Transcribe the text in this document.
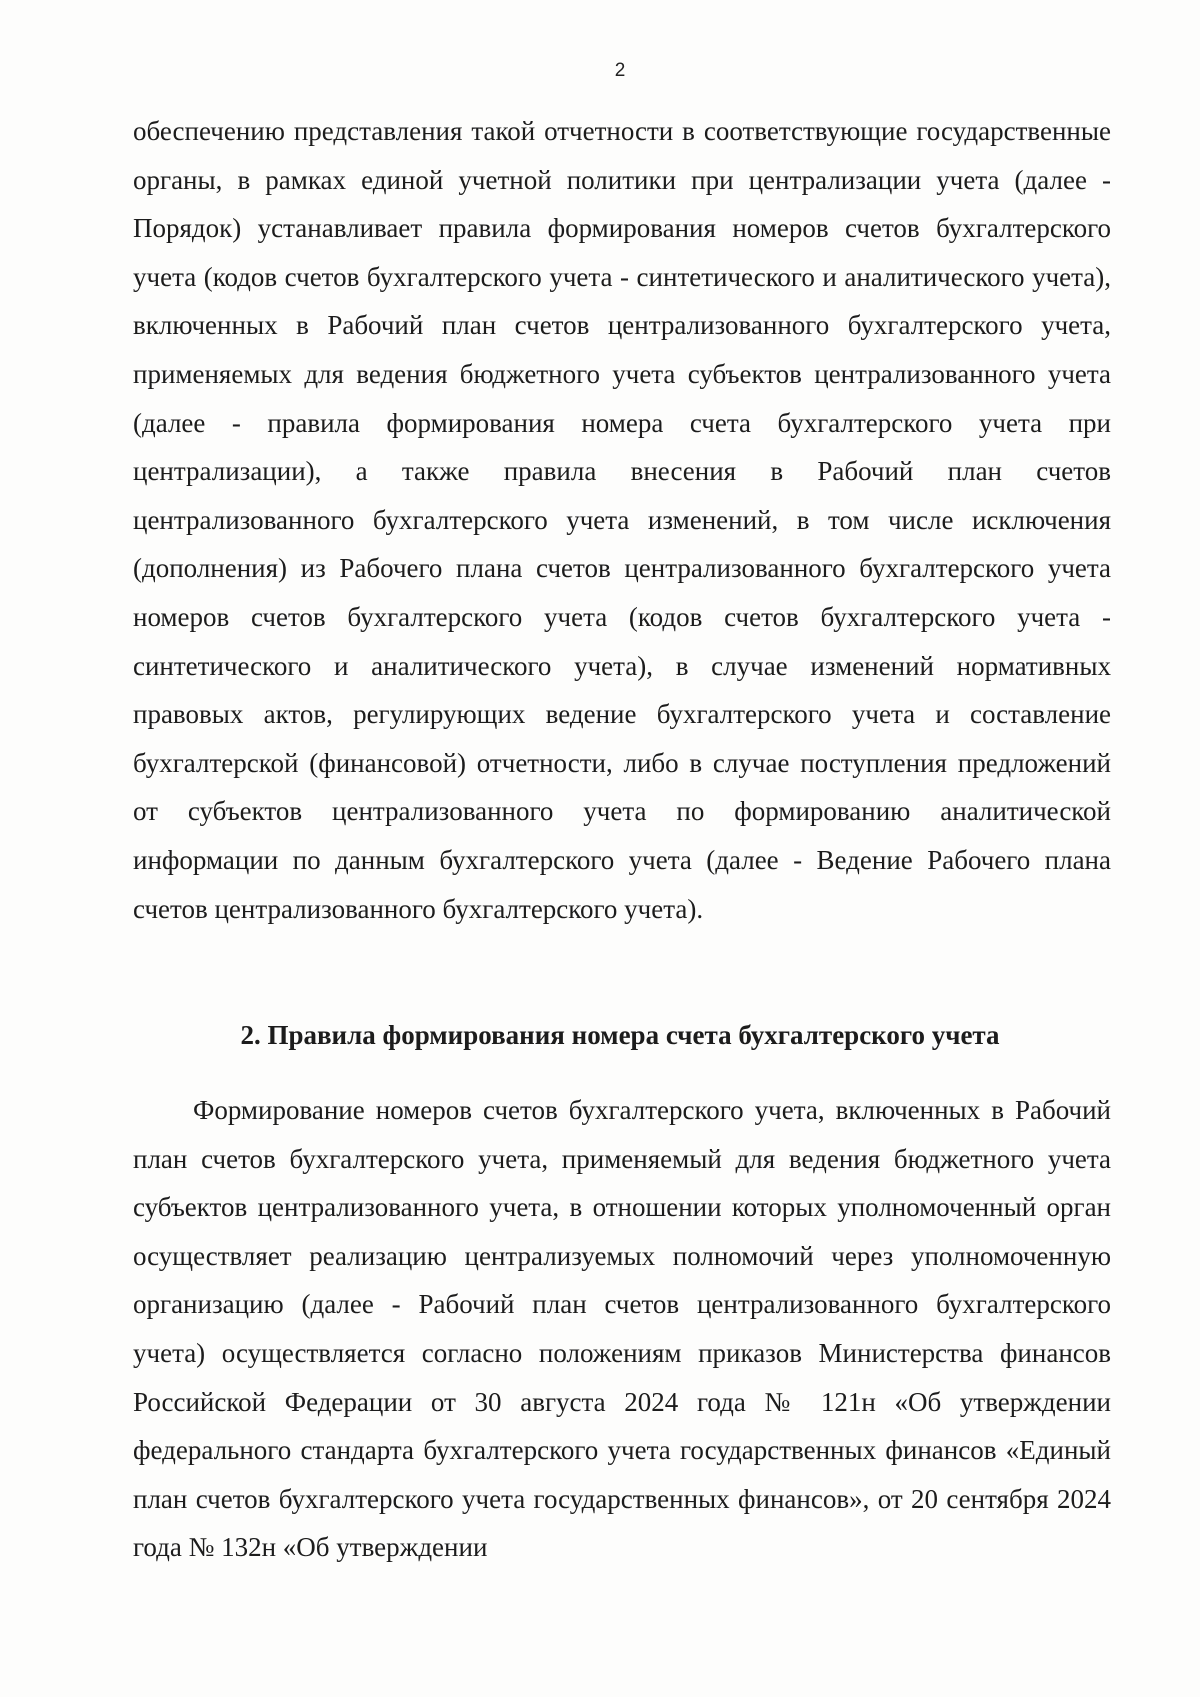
2

обеспечению представления такой отчетности в соответствующие государственные органы, в рамках единой учетной политики при централизации учета (далее - Порядок) устанавливает правила формирования номеров счетов бухгалтерского учета (кодов счетов бухгалтерского учета - синтетического и аналитического учета), включенных в Рабочий план счетов централизованного бухгалтерского учета, применяемых для ведения бюджетного учета субъектов централизованного учета (далее - правила формирования номера счета бухгалтерского учета при централизации), а также правила внесения в Рабочий план счетов централизованного бухгалтерского учета изменений, в том числе исключения (дополнения) из Рабочего плана счетов централизованного бухгалтерского учета номеров счетов бухгалтерского учета (кодов счетов бухгалтерского учета - синтетического и аналитического учета), в случае изменений нормативных правовых актов, регулирующих ведение бухгалтерского учета и составление бухгалтерской (финансовой) отчетности, либо в случае поступления предложений от субъектов централизованного учета по формированию аналитической информации по данным бухгалтерского учета (далее - Ведение Рабочего плана счетов централизованного бухгалтерского учета).

2. Правила формирования номера счета бухгалтерского учета

Формирование номеров счетов бухгалтерского учета, включенных в Рабочий план счетов бухгалтерского учета, применяемый для ведения бюджетного учета субъектов централизованного учета, в отношении которых уполномоченный орган осуществляет реализацию централизуемых полномочий через уполномоченную организацию (далее - Рабочий план счетов централизованного бухгалтерского учета) осуществляется согласно положениям приказов Министерства финансов Российской Федерации от 30 августа 2024 года № 121н «Об утверждении федерального стандарта бухгалтерского учета государственных финансов «Единый план счетов бухгалтерского учета государственных финансов», от 20 сентября 2024 года № 132н «Об утверждении
